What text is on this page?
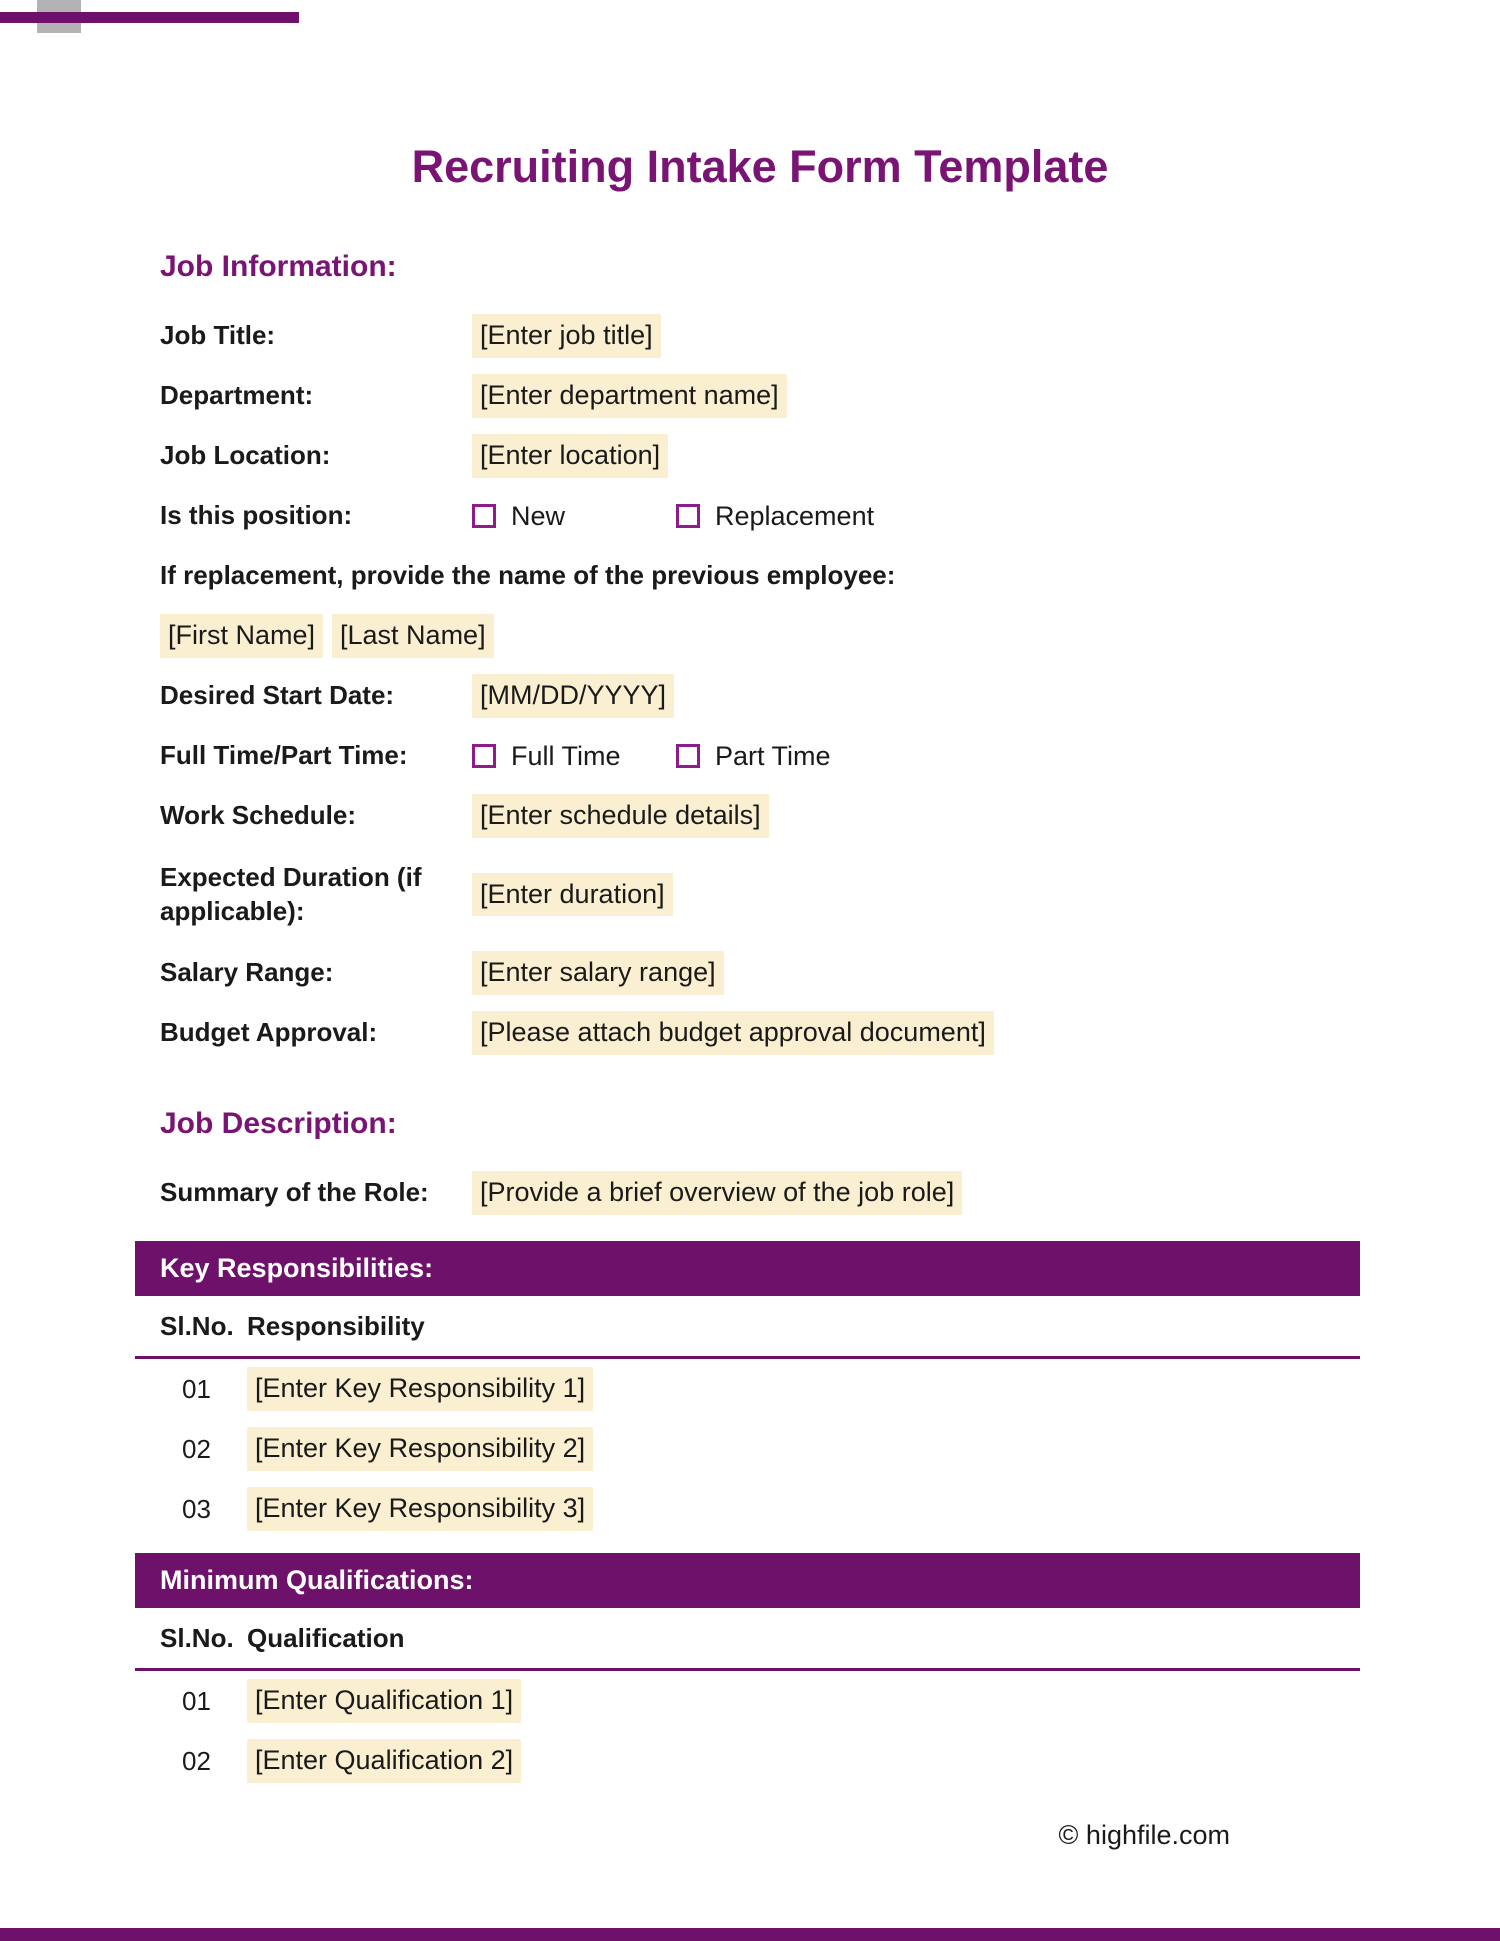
Recruiting Intake Form Template
Job Information:
Job Title:	[Enter job title]
Department:	[Enter department name]
Job Location:	[Enter location]
Is this position:	New	Replacement
If replacement, provide the name of the previous employee:
[First Name] [Last Name]
Desired Start Date:	[MM/DD/YYYY]
Full Time/Part Time:	Full Time	Part Time
Work Schedule:	[Enter schedule details]
Expected Duration (if applicable):
[Enter duration]
Salary Range:	[Enter salary range]
Budget Approval:	[Please attach budget approval document]
Job Description:
Summary of the Role:	[Provide a brief overview of the job role]
Key Responsibilities:
Sl.No. Responsibility
01	[Enter Key Responsibility 1]
02	[Enter Key Responsibility 2]
03	[Enter Key Responsibility 3]
Minimum Qualifications:
Sl.No. Qualification
01	[Enter Qualification 1]
02	[Enter Qualification 2]
© highfile.com
